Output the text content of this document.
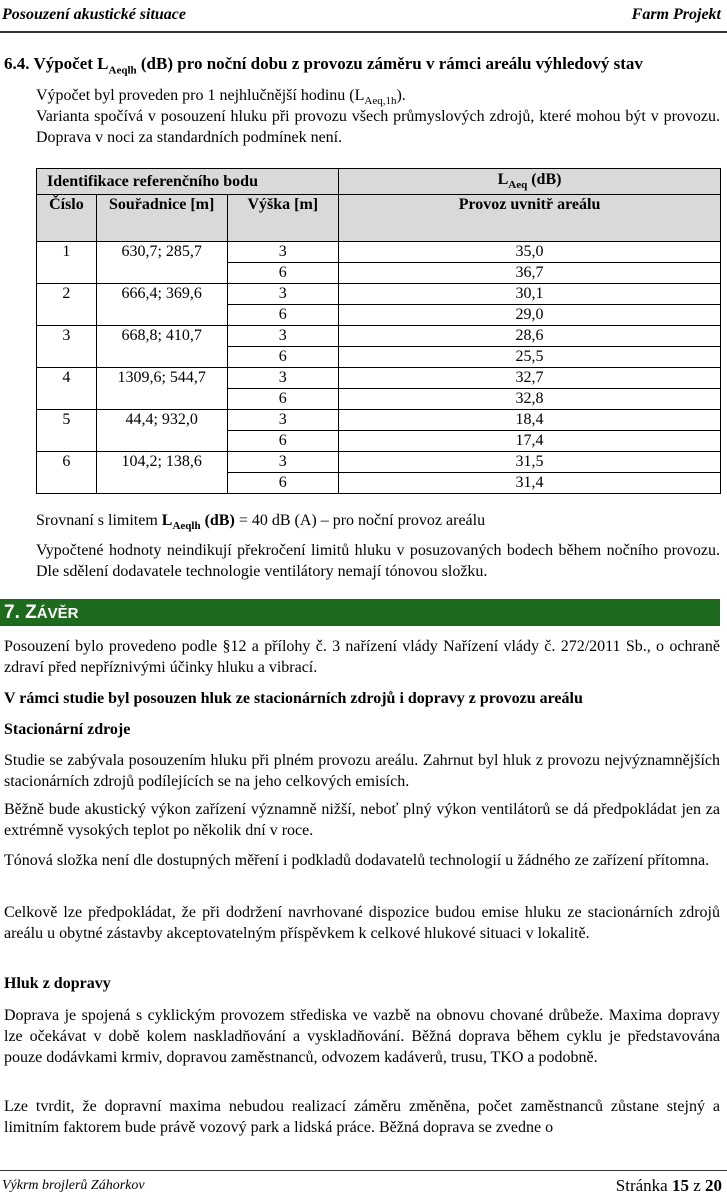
Posouzení akustické situace	Farm Projekt
6.4. Výpočet $L_{Aeqlh}$ (dB) pro noční dobu z provozu záměru v rámci areálu výhledový stav
Výpočet byl proveden pro 1 nejhlučnější hodinu $(L_{Aeq,1h})$.
Varianta spočívá v posouzení hluku při provozu všech průmyslových zdrojů, které mohou být v provozu. Doprava v noci za standardních podmínek není.
Identifikace referenčního bodu			$L_{Aeq}$ (dB)
Číslo	Souřadnice [m]	Výška [m]	Provoz uvnitř areálu
1	630,7; 285,7	3	35,0
		6	36,7
2	666,4; 369,6	3	30,1
		6	29,0
3	668,8; 410,7	3	28,6
		6	25,5
4	1309,6; 544,7	3	32,7
		6	32,8
5	44,4; 932,0	3	18,4
		6	17,4
6	104,2; 138,6	3	31,5
		6	31,4
Srovnaní s limitem $L_{Aeqlh}$ (dB) = 40 dB (A) – pro noční provoz areálu
Vypočtené hodnoty neindikují překročení limitů hluku v posuzovaných bodech během nočního provozu. Dle sdělení dodavatele technologie ventilátory nemají tónovou složku.
7. ZÁVĚR
Posouzení bylo provedeno podle §12 a přílohy č. 3 nařízení vlády Nařízení vlády č. 272/2011 Sb., o ochraně zdraví před nepříznivými účinky hluku a vibrací.
V rámci studie byl posouzen hluk ze stacionárních zdrojů i dopravy z provozu areálu
Stacionární zdroje
Studie se zabývala posouzením hluku při plném provozu areálu. Zahrnut byl hluk z provozu nejvýznamnějších stacionárních zdrojů podílejících se na jeho celkových emisích.
Běžně bude akustický výkon zařízení významně nižší, neboť plný výkon ventilátorů se dá předpokládat jen za extrémně vysokých teplot po několik dní v roce.
Tónová složka není dle dostupných měření i podkladů dodavatelů technologií u žádného ze zařízení přítomna.
Celkově lze předpokládat, že při dodržení navrhované dispozice budou emise hluku ze stacionárních zdrojů areálu u obytné zástavby akceptovatelným příspěvkem k celkové hlukové situaci v lokalitě.
Hluk z dopravy
Doprava je spojená s cyklickým provozem střediska ve vazbě na obnovu chované drůbeže. Maxima dopravy lze očekávat v době kolem naskladňování a vyskladňování. Běžná doprava během cyklu je představována pouze dodávkami krmiv, dopravou zaměstnanců, odvozem kadáverů, trusu, TKO a podobně.
Lze tvrdit, že dopravní maxima nebudou realizací záměru změněna, počet zaměstnanců zůstane stejný a limitním faktorem bude právě vozový park a lidská práce. Běžná doprava se zvedne o
Výkrm brojlerů Záhorkov	Stránka 15 z 20
